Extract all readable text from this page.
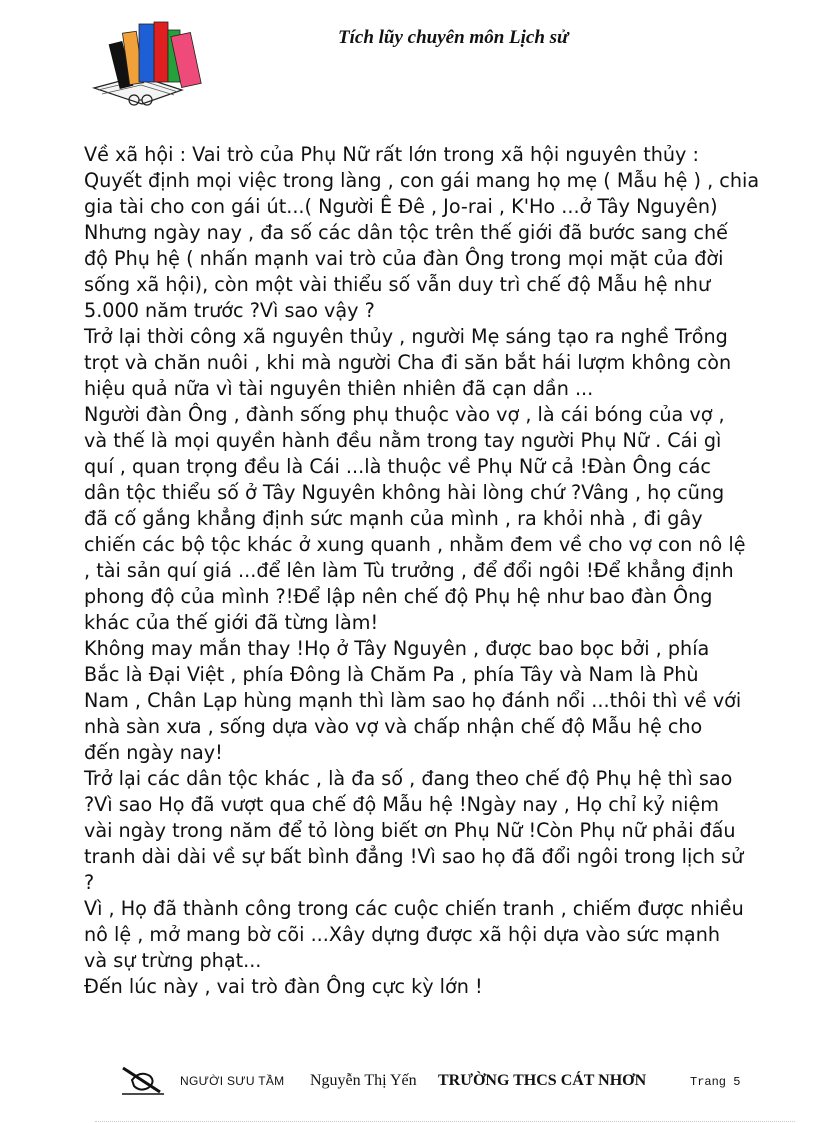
Tích lũy chuyên môn Lịch sử

Về xã hội : Vai trò của Phụ Nữ rất lớn trong xã hội nguyên thủy :

Quyết định mọi việc trong làng , con gái mang họ mẹ ( Mẫu hệ ) , chia

gia tài cho con gái út...( Người Ê Đê , Jo-rai , K'Ho ...ở Tây Nguyên)

Nhưng ngày nay , đa số các dân tộc trên thế giới đã bước sang chế

độ Phụ hệ ( nhấn mạnh vai trò của đàn Ông trong mọi mặt của đời

sống xã hội), còn một vài thiểu số vẫn duy trì chế độ Mẫu hệ như

5.000 năm trước ?Vì sao vậy ?

Trở lại thời công xã nguyên thủy , người Mẹ sáng tạo ra nghề Trồng

trọt và chăn nuôi , khi mà người Cha đi săn bắt hái lượm không còn

hiệu quả nữa vì tài nguyên thiên nhiên đã cạn dần ...

Người đàn Ông , đành sống phụ thuộc vào vợ , là cái bóng của vợ ,

và thế là mọi quyền hành đều nằm trong tay người Phụ Nữ . Cái gì

quí , quan trọng đều là Cái ...là thuộc về Phụ Nữ cả !Đàn Ông các

dân tộc thiểu số ở Tây Nguyên không hài lòng chứ ?Vâng , họ cũng

đã cố gắng khẳng định sức mạnh của mình , ra khỏi nhà , đi gây

chiến các bộ tộc khác ở xung quanh , nhằm đem về cho vợ con nô lệ

, tài sản quí giá ...để lên làm Tù trưởng , để đổi ngôi !Để khẳng định

phong độ của mình ?!Để lập nên chế độ Phụ hệ như bao đàn Ông

khác của thế giới đã từng làm!

Không may mắn thay !Họ ở Tây Nguyên , được bao bọc bởi , phía

Bắc là Đại Việt , phía Đông là Chăm Pa , phía Tây và Nam là Phù

Nam , Chân Lạp hùng mạnh thì làm sao họ đánh nổi ...thôi thì về với

nhà sàn xưa , sống dựa vào vợ và chấp nhận chế độ Mẫu hệ cho

đến ngày nay!

Trở lại các dân tộc khác , là đa số , đang theo chế độ Phụ hệ thì sao

?Vì sao Họ đã vượt qua chế độ Mẫu hệ !Ngày nay , Họ chỉ kỷ niệm

vài ngày trong năm để tỏ lòng biết ơn Phụ Nữ !Còn Phụ nữ phải đấu

tranh dài dài về sự bất bình đẳng !Vì sao họ đã đổi ngôi trong lịch sử

?

Vì , Họ đã thành công trong các cuộc chiến tranh , chiếm được nhiều

nô lệ , mở mang bờ cõi ...Xây dựng được xã hội dựa vào sức mạnh

và sự trừng phạt...

Đến lúc này , vai trò đàn Ông cực kỳ lớn !

NGƯỜI SƯU TẦM Nguyễn Thị Yến TRƯỜNG THCS CÁT NHƠN	Trang 5
